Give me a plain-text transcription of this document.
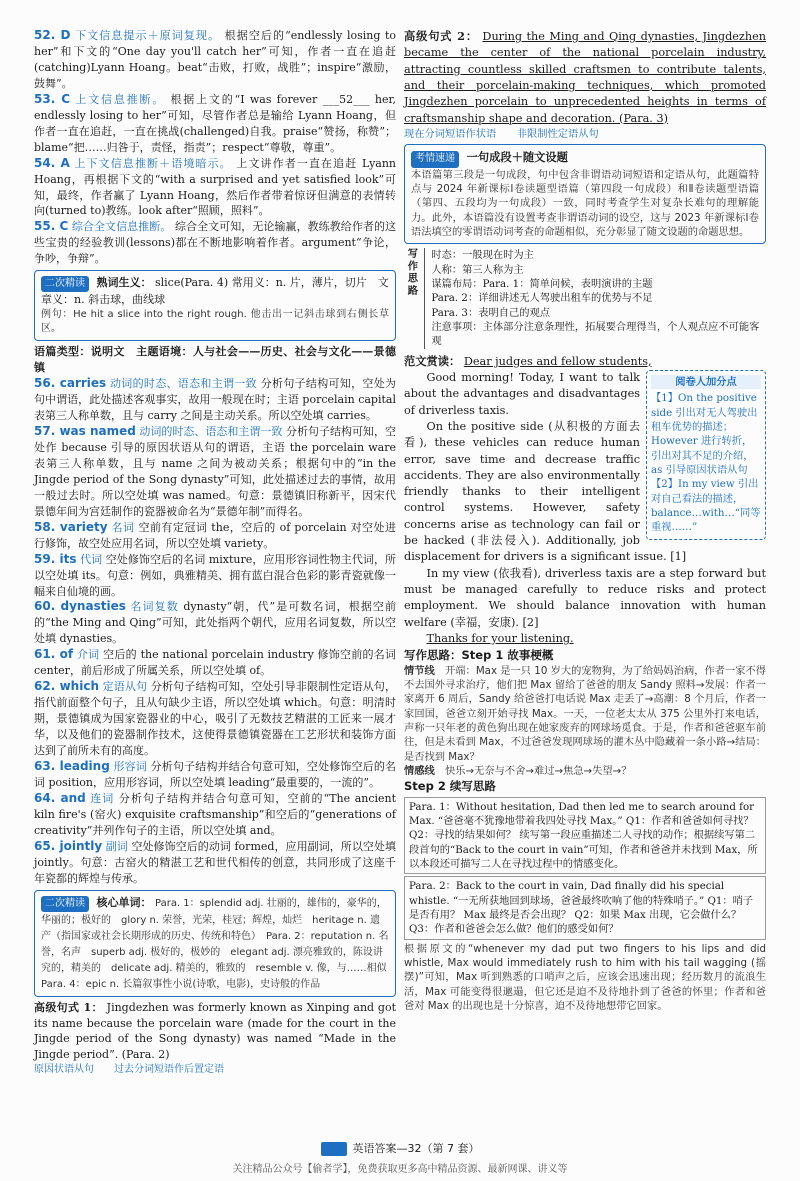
52. D 下文信息提示＋原词复现。 根据空后的“endlessly losing to her”和下文的“One day you'll catch her”可知，作者一直在追赶(catching)Lyann Hoang。beat“击败，打败，战胜”；inspire“激励，鼓舞”。

53. C 上文信息推断。 根据上文的“I was forever ___52___ her, endlessly losing to her”可知，尽管作者总是输给 Lyann Hoang，但作者一直在追赶，一直在挑战(challenged)自我。praise“赞扬，称赞”；blame“把……归咎于，责怪，指责”；respect“尊敬，尊重”。

54. A 上下文信息推断＋语境暗示。 上文讲作者一直在追赶 Lyann Hoang，再根据下文的“with a surprised and yet satisfied look”可知，最终，作者赢了 Lyann Hoang，然后作者带着惊讶但满意的表情转向(turned to)教练。look after“照顾，照料”。

55. C 综合全文信息推断。 综合全文可知，无论输赢，教练教给作者的这些宝贵的经验教训(lessons)都在不断地影响着作者。argument“争论，争吵，争辩”。

二次精读 熟词生义： slice(Para. 4) 常用义：n. 片，薄片，切片　文章义：n. 斜击球，曲线球

例句：He hit a slice into the right rough. 他击出一记斜击球到右侧长草区。

语篇类型：说明文　主题语境：人与社会——历史、社会与文化——景德镇

56. carries 动词的时态、语态和主谓一致 分析句子结构可知，空处为句中谓语，此处描述客观事实，故用一般现在时；主语 porcelain capital 表第三人称单数，且与 carry 之间是主动关系。所以空处填 carries。

57. was named 动词的时态、语态和主谓一致 分析句子结构可知，空处作 because 引导的原因状语从句的谓语，主语 the porcelain ware 表第三人称单数，且与 name 之间为被动关系；根据句中的“in the Jingde period of the Song dynasty”可知，此处描述过去的事情，故用一般过去时。所以空处填 was named。句意：景德镇旧称新平，因宋代景德年间为宫廷制作的瓷器被命名为“景德年制”而得名。

58. variety 名词 空前有定冠词 the，空后的 of porcelain 对空处进行修饰，故空处应用名词，所以空处填 variety。

59. its 代词 空处修饰空后的名词 mixture，应用形容词性物主代词，所以空处填 its。句意：例如，典雅精美、拥有蓝白混合色彩的影青瓷就像一幅来自仙境的画。

60. dynasties 名词复数 dynasty“朝，代”是可数名词，根据空前的“the Ming and Qing”可知，此处指两个朝代，应用名词复数，所以空处填 dynasties。

61. of 介词 空后的 the national porcelain industry 修饰空前的名词 center，前后形成了所属关系，所以空处填 of。

62. which 定语从句 分析句子结构可知，空处引导非限制性定语从句，指代前面整个句子，且从句缺少主语，所以空处填 which。句意：明清时期，景德镇成为国家瓷器业的中心，吸引了无数技艺精湛的工匠来一展才华，以及他们的瓷器制作技术，这使得景德镇瓷器在工艺形状和装饰方面达到了前所未有的高度。

63. leading 形容词 分析句子结构并结合句意可知，空处修饰空后的名词 position，应用形容词，所以空处填 leading“最重要的，一流的”。

64. and 连词 分析句子结构并结合句意可知，空前的“The ancient kiln fire's (窑火) exquisite craftsmanship”和空后的“generations of creativity”并列作句子的主语，所以空处填 and。

65. jointly 副词 空处修饰空后的动词 formed，应用副词，所以空处填 jointly。句意：古窑火的精湛工艺和世代相传的创意，共同形成了这座千年瓷都的辉煌与传承。

二次精读 核心单词： Para. 1：splendid adj. 壮丽的，雄伟的，豪华的，华丽的；极好的　glory n. 荣誉，光荣，桂冠；辉煌，灿烂　heritage n. 遗产（指国家或社会长期形成的历史、传统和特色）　Para. 2：reputation n. 名誉，名声　superb adj. 极好的，极妙的　elegant adj. 漂亮雅致的，陈设讲究的，精美的　delicate adj. 精美的，雅致的　resemble v. 像，与……相似　Para. 4：epic n. 长篇叙事性小说(诗歌，电影)，史诗般的作品

高级句式 1： Jingdezhen was formerly known as Xinping and got its name because the porcelain ware (made for the court in the Jingde period of the Song dynasty) was named “Made in the Jingde period”. (Para. 2)

原因状语从句　　 过去分词短语作后置定语

高级句式 2： During the Ming and Qing dynasties, Jingdezhen became the center of the national porcelain industry, attracting countless skilled craftsmen to contribute talents, and their porcelain-making techniques, which promoted Jingdezhen porcelain to unprecedented heights in terms of craftsmanship shape and decoration. (Para. 3)

现在分词短语作状语　　 非限制性定语从句

考情速递 一句成段＋随文设题

本语篇第三段是一句成段，句中包含非谓语动词短语和定语从句，此题篇特点与 2024 年新课标Ⅰ卷读题型语篇（第四段一句成段）和Ⅱ卷读题型语篇（第四、五段均为一句成段）一致，同时考查学生对复杂长难句的理解能力。此外，本语篇没有设置考查非谓语动词的设空，这与 2023 年新课标Ⅰ卷语法填空的零谓语动词考查的命题相似，充分彰显了随文设题的命题思想。

写作思路 时态：一般现在时为主
人称：第三人称为主
谋篇布局：Para. 1：简单问候，表明演讲的主题
Para. 2：详细讲述无人驾驶出租车的优势与不足
Para. 3：表明自己的观点
注意事项：主体部分注意条理性，拓展要合理得当，个人观点应不可能客观

范文赏读： Dear judges and fellow students,

阅卷人加分点
【1】On the positive side 引出对无人驾驶出租车优势的描述；However 进行转折，引出对其不足的介绍，as 引导原因状语从句　【2】In my view 引出对自己看法的描述，balance…with…“同等重视……”

Good morning! Today, I want to talk about the advantages and disadvantages of driverless taxis.

On the positive side (从积极的方面去看), these vehicles can reduce human error, save time and decrease traffic accidents. They are also environmentally friendly thanks to their intelligent control systems. However, safety concerns arise as technology can fail or be hacked (非法侵入). Additionally, job displacement for drivers is a significant issue. [1]

In my view (依我看), driverless taxis are a step forward but must be managed carefully to reduce risks and protect employment. We should balance innovation with human welfare (幸福，安康). [2]

Thanks for your listening.

写作思路：Step 1 故事梗概

情节线　 开端：Max 是一只 10 岁大的宠物狗，为了给妈妈治病，作者一家不得不去国外寻求治疗，他们把 Max 留给了爸爸的朋友 Sandy 照料→发展：作者一家离开 6 周后，Sandy 给爸爸打电话说 Max 走丢了→高潮：8 个月后，作者一家回国，爸爸立刻开始寻找 Max。一天，一位老太太从 375 公里外打来电话，声称一只年老的黄色狗出现在她家废弃的网球场觅食。于是，作者和爸爸驱车前往，但是未看到 Max，不过爸爸发现网球场的灌木丛中隐藏着一条小路→结局：是否找到 Max？

情感线　 快乐→无奈与不舍→难过→焦急→失望→？

Step 2 续写思路

Para. 1：Without hesitation, Dad then led me to search around for Max. “爸爸毫不犹豫地带着我四处寻找 Max。” Q1：作者和爸爸如何寻找？ Q2：寻找的结果如何？ 续写第一段应重描述二人寻找的动作；根据续写第二段首句的“Back to the court in vain”可知，作者和爸爸并未找到 Max，所以本段还可描写二人在寻找过程中的情感变化。
Para. 2：Back to the court in vain, Dad finally did his special whistle. “一无所获地回到球场，爸爸最终吹响了他的特殊哨子。” Q1：哨子是否有用？ Max 最终是否会出现？ Q2：如果 Max 出现，它会做什么？ Q3：作者和爸爸会怎么做？他们的感受如何？

根据原文的“whenever my dad put two fingers to his lips and did whistle, Max would immediately rush to him with his tail wagging (摇摆)”可知，Max 听到熟悉的口哨声之后，应该会迅速出现；经历数月的流浪生活，Max 可能变得很邋遢，但它还是迫不及待地扑到了爸爸的怀里；作者和爸爸对 Max 的出现也是十分惊喜，迫不及待地想带它回家。

英语答案—32（第 7 套）
关注精品公众号【偷者学】，免费获取更多高中精品资源、最新网课、讲义等
